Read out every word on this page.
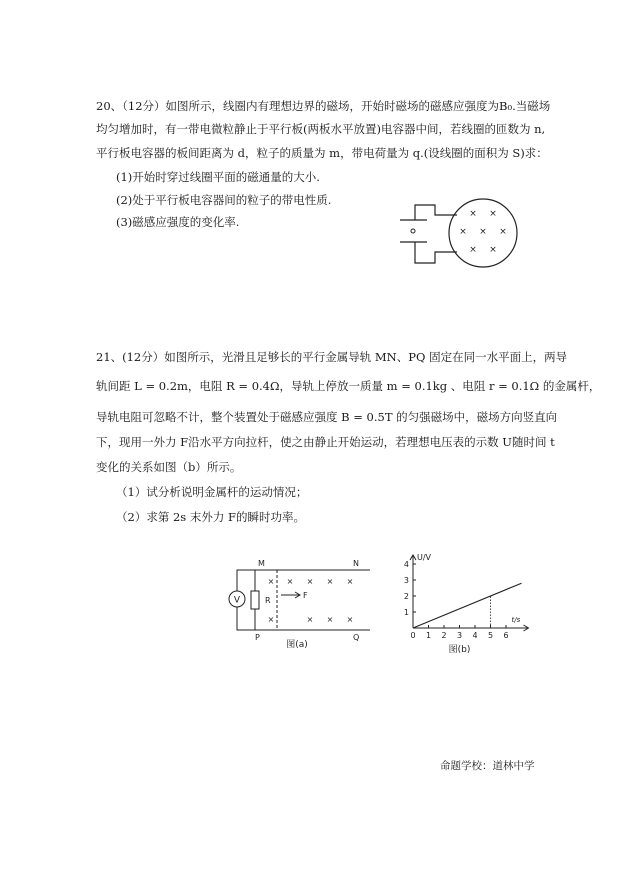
20、（12分）如图所示，线圈内有理想边界的磁场，开始时磁场的磁感应强度为B₀.当磁场
均匀增加时，有一带电微粒静止于平行板(两板水平放置)电容器中间，若线圈的匝数为 n,
平行板电容器的板间距离为 d，粒子的质量为 m，带电荷量为 q.(设线圈的面积为 S)求：
(1)开始时穿过线圈平面的磁通量的大小.
(2)处于平行板电容器间的粒子的带电性质.
(3)磁感应强度的变化率.
× ×
× × ×
× ×
21、(12分）如图所示，光滑且足够长的平行金属导轨 MN、PQ 固定在同一水平面上，两导
轨间距 L = 0.2m，电阻 R = 0.4Ω，导轨上停放一质量 m = 0.1kg 、电阻 r = 0.1Ω 的金属杆，
导轨电阻可忽略不计，整个装置处于磁感应强度 B = 0.5T 的匀强磁场中，磁场方向竖直向
下，现用一外力 F沿水平方向拉杆，使之由静止开始运动，若理想电压表的示数 U随时间 t
变化的关系如图（b）所示。
（1）试分析说明金属杆的运动情况；
（2）求第 2s 末外力 F的瞬时功率。
V	R
M	N
P	Q
F
× × × × ×
×	× × ×
图(a)
0 1 2 3 4 5 6
1
2
3
4
U/V
t/s
图(b)
命题学校：道林中学
